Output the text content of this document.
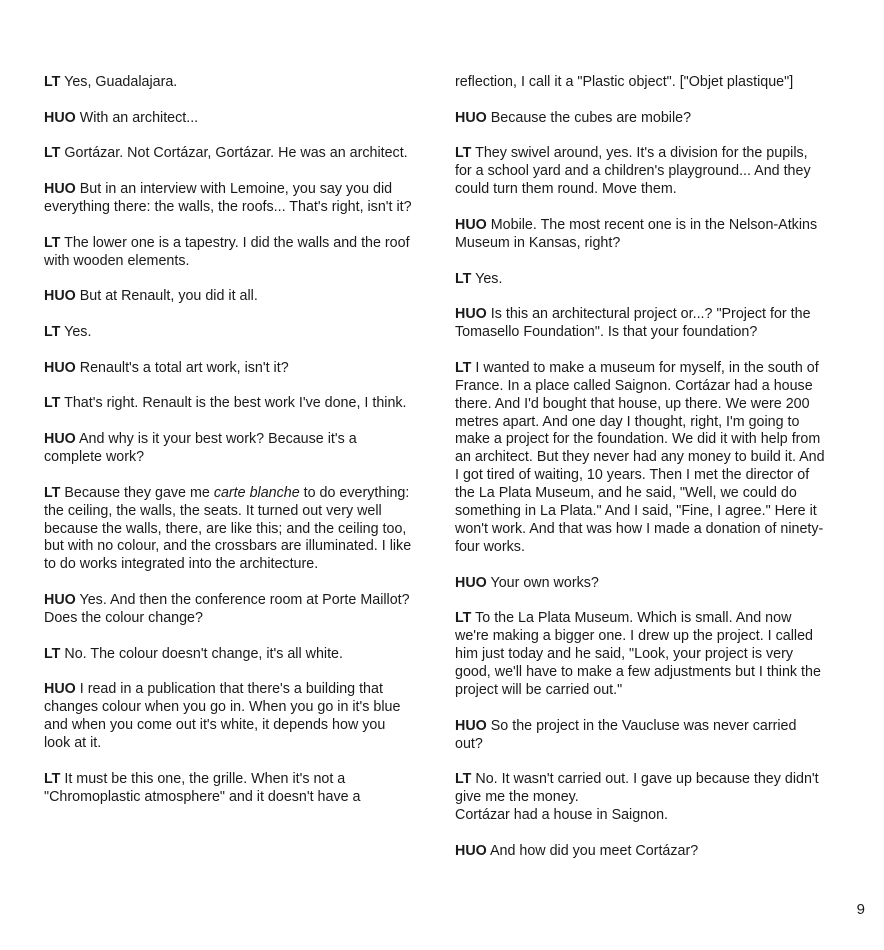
LT Yes, Guadalajara.

HUO With an architect...

LT Gortázar. Not Cortázar, Gortázar. He was an architect.

HUO But in an interview with Lemoine, you say you did everything there: the walls, the roofs... That's right, isn't it?

LT The lower one is a tapestry. I did the walls and the roof with wooden elements.

HUO But at Renault, you did it all.

LT Yes.

HUO Renault's a total art work, isn't it?

LT That's right. Renault is the best work I've done, I think.

HUO And why is it your best work? Because it's a complete work?

LT Because they gave me carte blanche to do everything: the ceiling, the walls, the seats. It turned out very well because the walls, there, are like this; and the ceiling too, but with no colour, and the crossbars are illuminated. I like to do works integrated into the architecture.

HUO Yes. And then the conference room at Porte Maillot? Does the colour change?

LT No. The colour doesn't change, it's all white.

HUO I read in a publication that there's a building that changes colour when you go in. When you go in it's blue and when you come out it's white, it depends how you look at it.

LT It must be this one, the grille. When it's not a "Chromoplastic atmosphere" and it doesn't have a

reflection, I call it a "Plastic object". ["Objet plastique"]

HUO Because the cubes are mobile?

LT They swivel around, yes. It's a division for the pupils, for a school yard and a children's playground... And they could turn them round. Move them.

HUO Mobile. The most recent one is in the Nelson-Atkins Museum in Kansas, right?

LT Yes.

HUO Is this an architectural project or...? "Project for the Tomasello Foundation". Is that your foundation?

LT I wanted to make a museum for myself, in the south of France. In a place called Saignon. Cortázar had a house there. And I'd bought that house, up there. We were 200 metres apart. And one day I thought, right, I'm going to make a project for the foundation. We did it with help from an architect. But they never had any money to build it. And I got tired of waiting, 10 years. Then I met the director of the La Plata Museum, and he said, "Well, we could do something in La Plata." And I said, "Fine, I agree." Here it won't work. And that was how I made a donation of ninety-four works.

HUO Your own works?

LT To the La Plata Museum. Which is small. And now we're making a bigger one. I drew up the project. I called him just today and he said, "Look, your project is very good, we'll have to make a few adjustments but I think the project will be carried out."

HUO So the project in the Vaucluse was never carried out?

LT No. It wasn't carried out. I gave up because they didn't give me the money.
Cortázar had a house in Saignon.

HUO And how did you meet Cortázar?

9
